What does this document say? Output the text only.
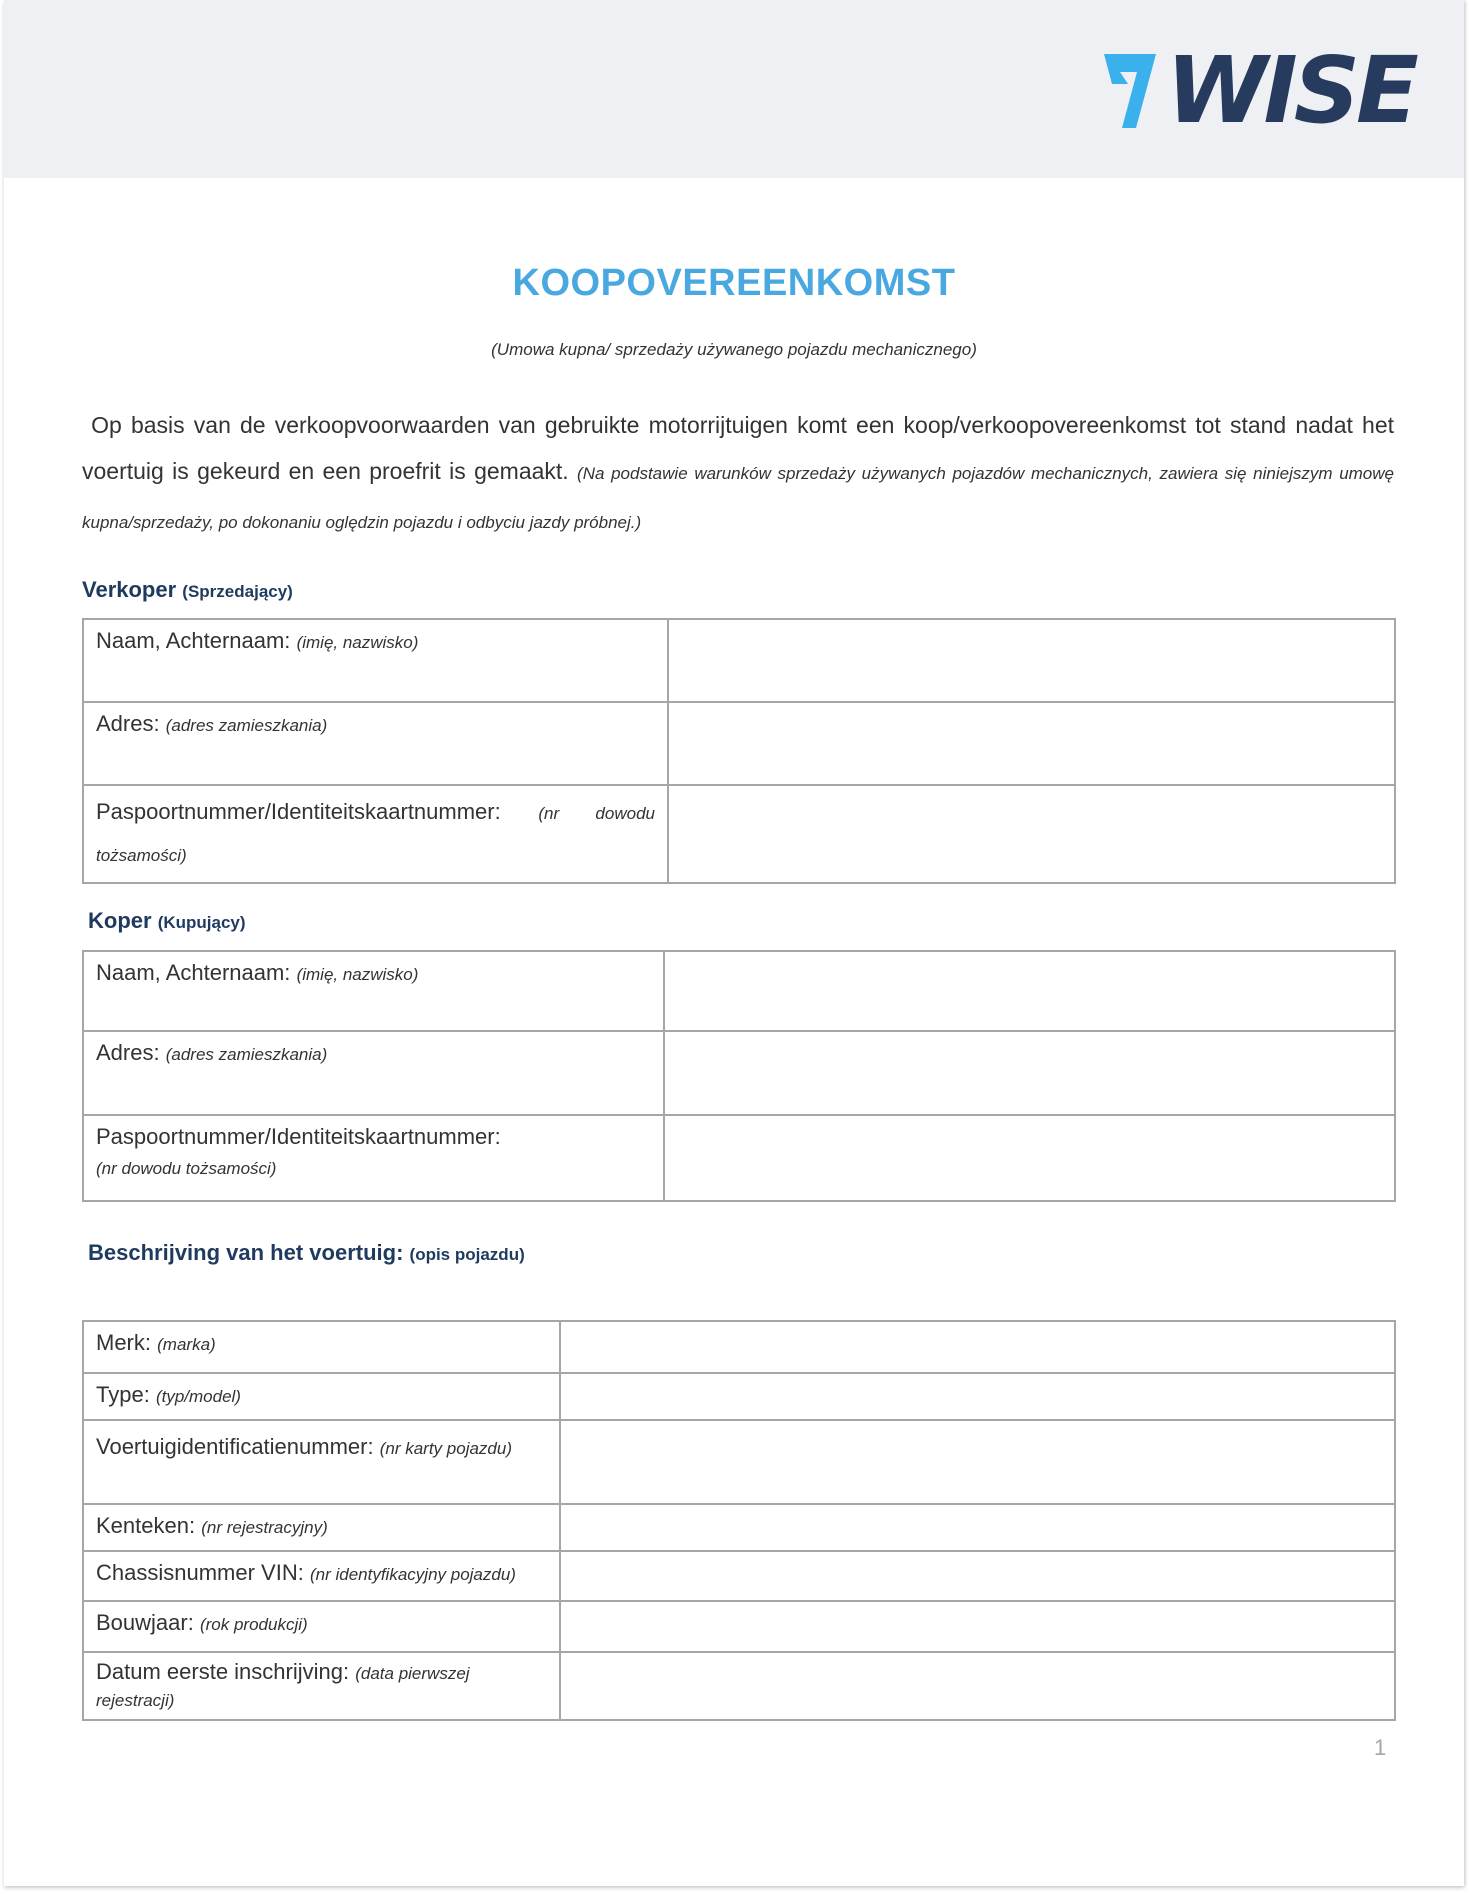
WISE
KOOPOVEREENKOMST
(Umowa kupna/ sprzedaży używanego pojazdu mechanicznego)
Op basis van de verkoopvoorwaarden van gebruikte motorrijtuigen komt een koop/verkoopovereenkomst tot stand nadat het voertuig is gekeurd en een proefrit is gemaakt. (Na podstawie warunków sprzedaży używanych pojazdów mechanicznych, zawiera się niniejszym umowę kupna/sprzedaży, po dokonaniu oględzin pojazdu i odbyciu jazdy próbnej.)
Verkoper (Sprzedający)
Naam, Achternaam: (imię, nazwisko)	
Adres: (adres zamieszkania)	
Paspoortnummer/Identiteitskaartnummer: (nr dowodu tożsamości)	
Koper (Kupujący)
Naam, Achternaam: (imię, nazwisko)	
Adres: (adres zamieszkania)	
Paspoortnummer/Identiteitskaartnummer:
(nr dowodu tożsamości)	
Beschrijving van het voertuig: (opis pojazdu)
Merk: (marka)	
Type: (typ/model)	
Voertuigidentificatienummer: (nr karty pojazdu)	
Kenteken: (nr rejestracyjny)	
Chassisnummer VIN: (nr identyfikacyjny pojazdu)	
Bouwjaar: (rok produkcji)	
Datum eerste inschrijving: (data pierwszej rejestracji)	
1
